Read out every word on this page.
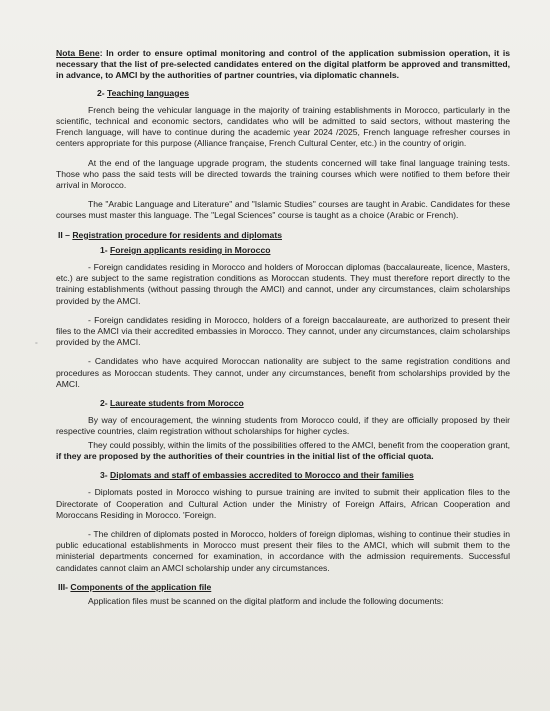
°

Nota Bene: In order to ensure optimal monitoring and control of the application submission operation, it is necessary that the list of pre-selected candidates entered on the digital platform be approved and transmitted, in advance, to AMCI by the authorities of partner countries, via diplomatic channels.

2- Teaching languages

French being the vehicular language in the majority of training establishments in Morocco, particularly in the scientific, technical and economic sectors, candidates who will be admitted to said sectors, without mastering the French language, will have to continue during the academic year 2024 /2025, French language refresher courses in centers appropriate for this purpose (Alliance française, French Cultural Center, etc.) in the country of origin.

At the end of the language upgrade program, the students concerned will take final language training tests. Those who pass the said tests will be directed towards the training courses which were notified to them before their arrival in Morocco.

The "Arabic Language and Literature" and "Islamic Studies" courses are taught in Arabic. Candidates for these courses must master this language. The "Legal Sciences" course is taught as a choice (Arabic or French).

II – Registration procedure for residents and diplomats
1- Foreign applicants residing in Morocco

- Foreign candidates residing in Morocco and holders of Moroccan diplomas (baccalaureate, licence, Masters, etc.) are subject to the same registration conditions as Moroccan students. They must therefore report directly to the training establishments (without passing through the AMCI) and cannot, under any circumstances, claim scholarships provided by the AMCI.

- Foreign candidates residing in Morocco, holders of a foreign baccalaureate, are authorized to present their files to the AMCI via their accredited embassies in Morocco. They cannot, under any circumstances, claim scholarships provided by the AMCI.

- Candidates who have acquired Moroccan nationality are subject to the same registration conditions and procedures as Moroccan students. They cannot, under any circumstances, benefit from scholarships provided by the AMCI.

2- Laureate students from Morocco

By way of encouragement, the winning students from Morocco could, if they are officially proposed by their respective countries, claim registration without scholarships for higher cycles.

They could possibly, within the limits of the possibilities offered to the AMCI, benefit from the cooperation grant, if they are proposed by the authorities of their countries in the initial list of the official quota.

3- Diplomats and staff of embassies accredited to Morocco and their families

- Diplomats posted in Morocco wishing to pursue training are invited to submit their application files to the Directorate of Cooperation and Cultural Action under the Ministry of Foreign Affairs, African Cooperation and Moroccans Residing in Morocco. 'Foreign.

- The children of diplomats posted in Morocco, holders of foreign diplomas, wishing to continue their studies in public educational establishments in Morocco must present their files to the AMCI, which will submit them to the ministerial departments concerned for examination, in accordance with the admission requirements. Successful candidates cannot claim an AMCI scholarship under any circumstances.

III- Components of the application file

Application files must be scanned on the digital platform and include the following documents:
